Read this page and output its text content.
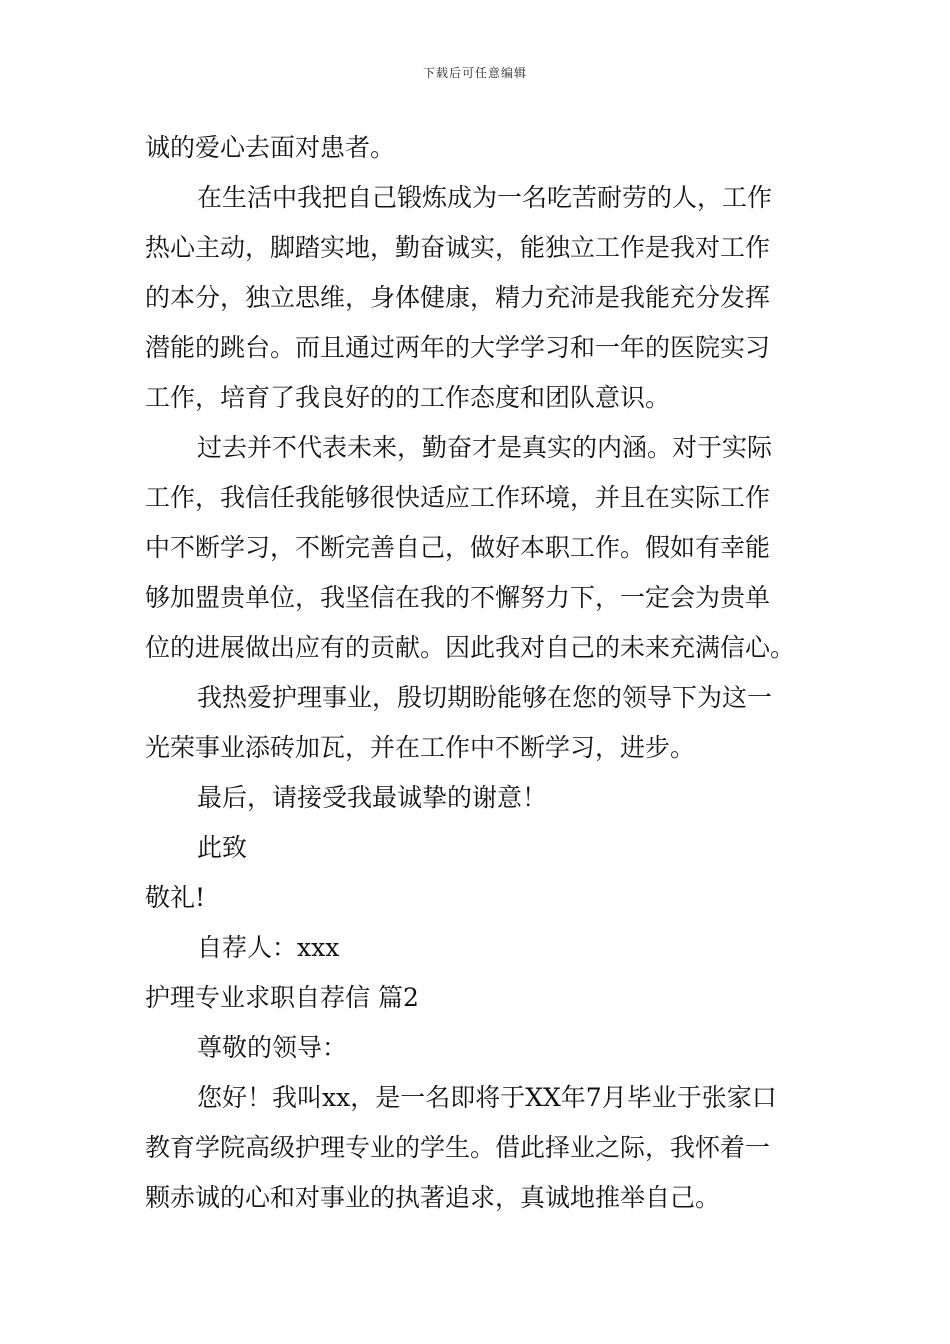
下载后可任意编辑
诚的爱心去面对患者。
在生活中我把自己锻炼成为一名吃苦耐劳的人，工作
热心主动，脚踏实地，勤奋诚实，能独立工作是我对工作
的本分，独立思维，身体健康，精力充沛是我能充分发挥
潜能的跳台。而且通过两年的大学学习和一年的医院实习
工作，培育了我良好的的工作态度和团队意识。
过去并不代表未来，勤奋才是真实的内涵。对于实际
工作，我信任我能够很快适应工作环境，并且在实际工作
中不断学习，不断完善自己，做好本职工作。假如有幸能
够加盟贵单位，我坚信在我的不懈努力下，一定会为贵单
位的进展做出应有的贡献。因此我对自己的未来充满信心。
我热爱护理事业，殷切期盼能够在您的领导下为这一
光荣事业添砖加瓦，并在工作中不断学习，进步。
最后，请接受我最诚挚的谢意！
此致
敬礼!
自荐人：xxx
护理专业求职自荐信 篇2
尊敬的领导：
您好！我叫xx，是一名即将于XX年7月毕业于张家口
教育学院高级护理专业的学生。借此择业之际，我怀着一
颗赤诚的心和对事业的执著追求，真诚地推举自己。
